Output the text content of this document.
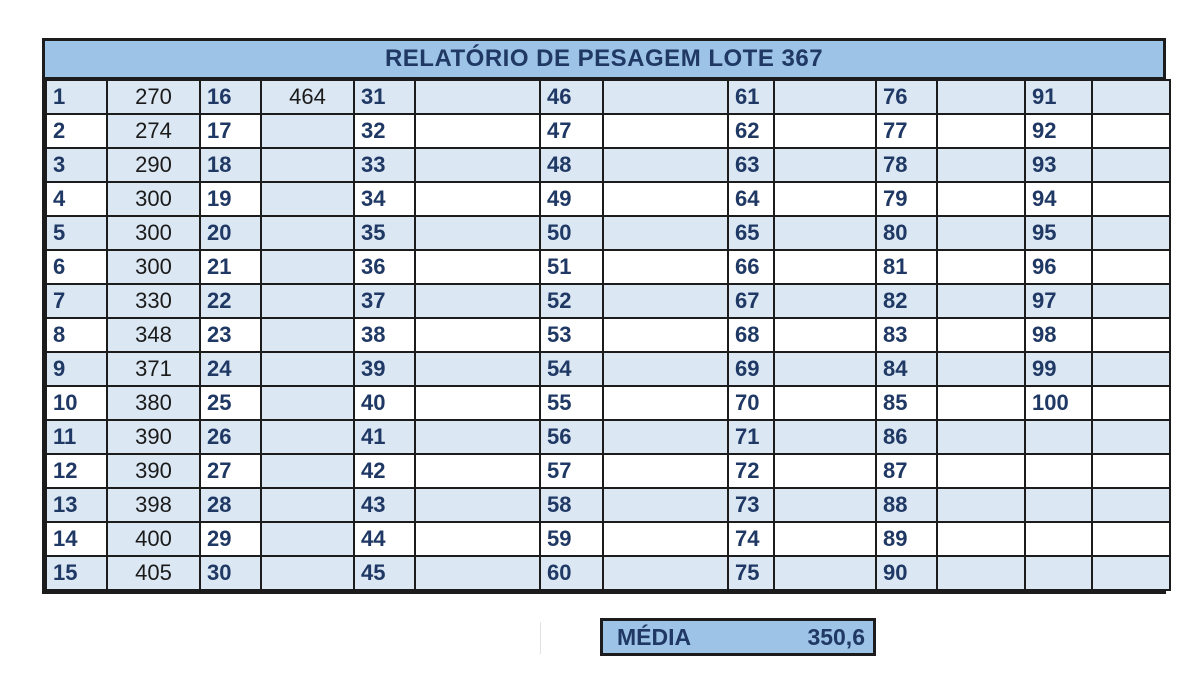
RELATÓRIO DE PESAGEM LOTE 367
1	270	16	464	31		46		61		76		91	
2	274	17		32		47		62		77		92	
3	290	18		33		48		63		78		93	
4	300	19		34		49		64		79		94	
5	300	20		35		50		65		80		95	
6	300	21		36		51		66		81		96	
7	330	22		37		52		67		82		97	
8	348	23		38		53		68		83		98	
9	371	24		39		54		69		84		99	
10	380	25		40		55		70		85		100	
11	390	26		41		56		71		86			
12	390	27		42		57		72		87			
13	398	28		43		58		73		88			
14	400	29		44		59		74		89			
15	405	30		45		60		75		90			
MÉDIA	350,6
